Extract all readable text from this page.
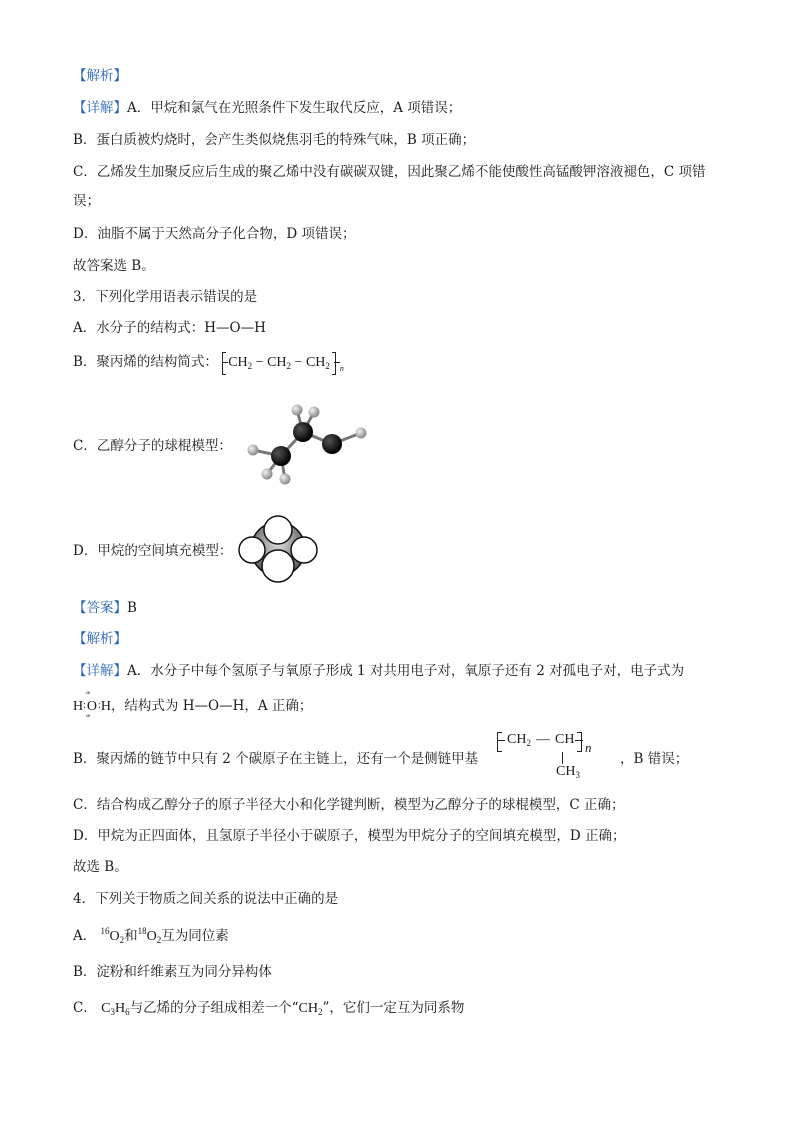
【解析】
【详解】A．甲烷和氯气在光照条件下发生取代反应，A 项错误；
B．蛋白质被灼烧时，会产生类似烧焦羽毛的特殊气味，B 项正确；
C．乙烯发生加聚反应后生成的聚乙烯中没有碳碳双键，因此聚乙烯不能使酸性高锰酸钾溶液褪色，C 项错
误；
D．油脂不属于天然高分子化合物，D 项错误；
故答案选 B。
3．下列化学用语表示错误的是
A．水分子的结构式：H—O—H
B．聚丙烯的结构简式： $CH_2 - CH_2 - CH_2$ n
C．乙醇分子的球棍模型：
D．甲烷的空间填充模型：
【答案】B
【解析】
【详解】A．水分子中每个氢原子与氧原子形成 1 对共用电子对，氧原子还有 2 对孤电子对，电子式为
H:
ºº
O
ºº
:H，结构式为 H—O—H，A 正确；
B．聚丙烯的链节中只有 2 个碳原子在主链上，还有一个是侧链甲基
$CH_2$ — CH
n
$CH_3$
，B 错误；
C．结合构成乙醇分子的原子半径大小和化学键判断，模型为乙醇分子的球棍模型，C 正确；
D．甲烷为正四面体，且氢原子半径小于碳原子，模型为甲烷分子的空间填充模型，D 正确；
故选 B。
4．下列关于物质之间关系的说法中正确的是
A． $^{16}O_2$和$^{18}O_2$互为同位素
B．淀粉和纤维素互为同分异构体
C． $C_3H_6$与乙烯的分子组成相差一个“$CH_2$”，它们一定互为同系物
